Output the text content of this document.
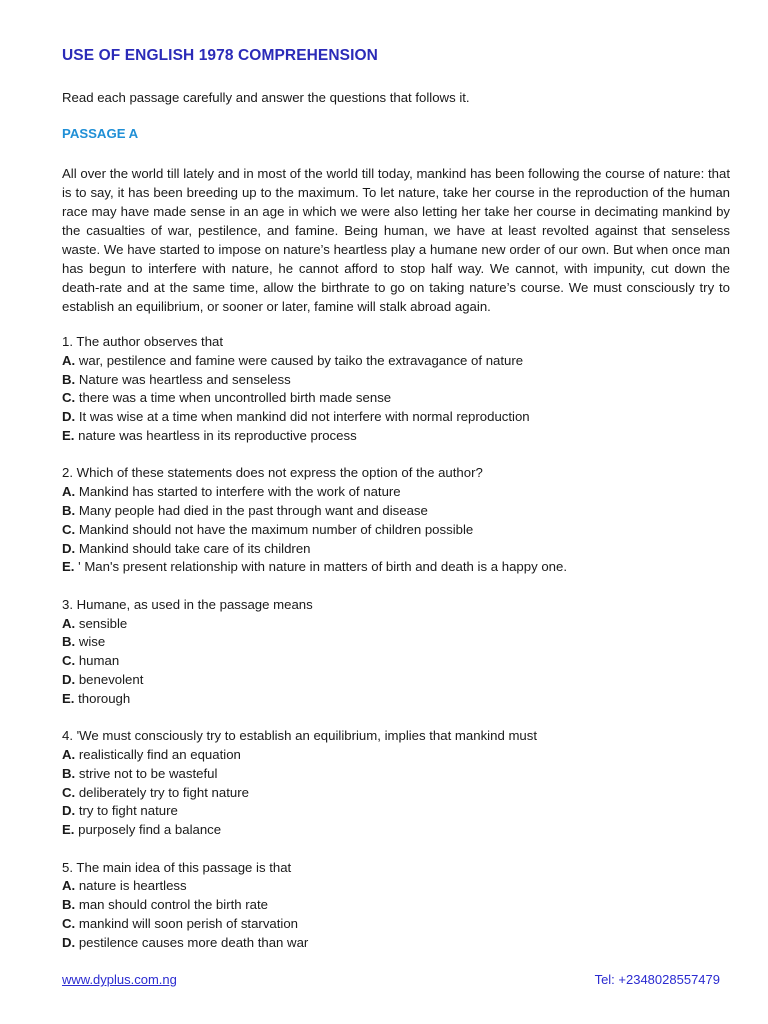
USE OF ENGLISH 1978 COMPREHENSION

Read each passage carefully and answer the questions that follows it.

PASSAGE A

All over the world till lately and in most of the world till today, mankind has been following the course of nature: that is to say, it has been breeding up to the maximum. To let nature, take her course in the reproduction of the human race may have made sense in an age in which we were also letting her take her course in decimating mankind by the casualties of war, pestilence, and famine. Being human, we have at least revolted against that senseless waste. We have started to impose on nature’s heartless play a humane new order of our own. But when once man has begun to interfere with nature, he cannot afford to stop half way. We cannot, with impunity, cut down the death-rate and at the same time, allow the birthrate to go on taking nature’s course. We must consciously try to establish an equilibrium, or sooner or later, famine will stalk abroad again.

1. The author observes that
A. war, pestilence and famine were caused by taiko the extravagance of nature
B. Nature was heartless and senseless
C. there was a time when uncontrolled birth made sense
D. It was wise at a time when mankind did not interfere with normal reproduction
E. nature was heartless in its reproductive process
2. Which of these statements does not express the option of the author?
A. Mankind has started to interfere with the work of nature
B. Many people had died in the past through want and disease
C. Mankind should not have the maximum number of children possible
D. Mankind should take care of its children
E. ' Man's present relationship with nature in matters of birth and death is a happy one.
3. Humane, as used in the passage means
A. sensible
B. wise
C. human
D. benevolent
E. thorough
4. 'We must consciously try to establish an equilibrium, implies that mankind must
A. realistically find an equation
B. strive not to be wasteful
C. deliberately try to fight nature
D. try to fight nature
E. purposely find a balance
5. The main idea of this passage is that
A. nature is heartless
B. man should control the birth rate
C. mankind will soon perish of starvation
D. pestilence causes more death than war
www.dyplus.com.ng	Tel: +2348028557479
